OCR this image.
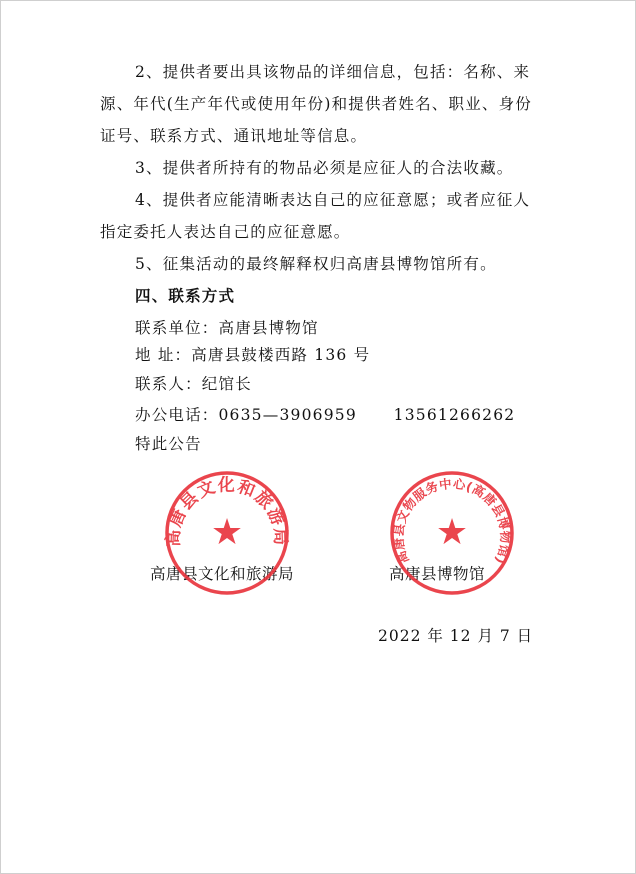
2、提供者要出具该物品的详细信息，包括：名称、来
源、年代(生产年代或使用年份)和提供者姓名、职业、身份
证号、联系方式、通讯地址等信息。
3、提供者所持有的物品必须是应征人的合法收藏。
4、提供者应能清晰表达自己的应征意愿；或者应征人
指定委托人表达自己的应征意愿。
5、征集活动的最终解释权归高唐县博物馆所有。
四、联系方式
联系单位：高唐县博物馆
地 址：高唐县鼓楼西路 136 号
联系人：纪馆长
办公电话：0635—3906959      13561266262
特此公告
高唐县文化和旅游局
★
高唐县文物服务中心(高唐县博物馆)
★
高唐县文化和旅游局	高唐县博物馆
2022 年 12 月 7 日
